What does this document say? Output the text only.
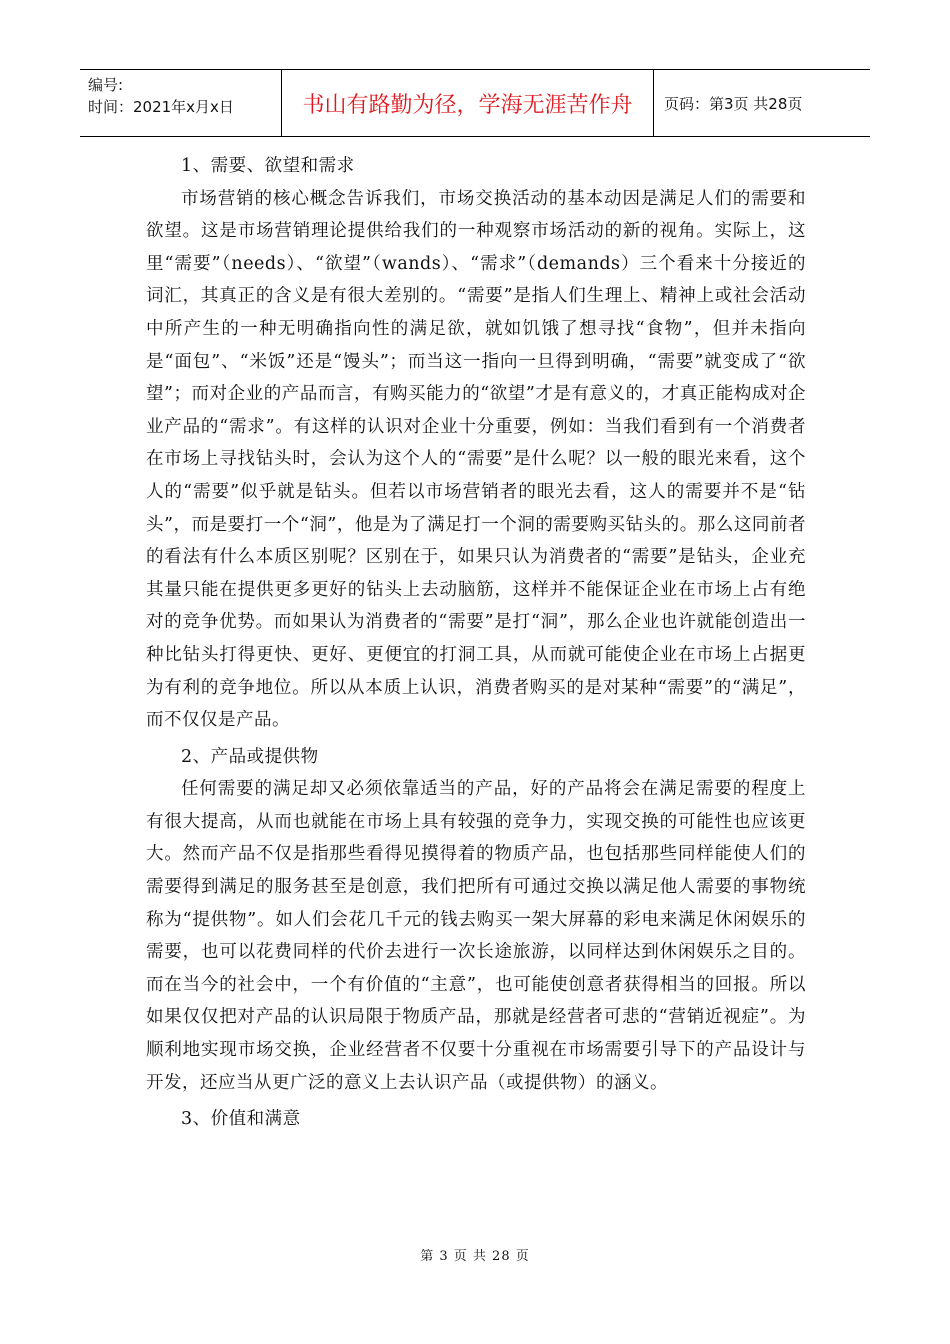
编号:
时间：2021年x月x日	书山有路勤为径，学海无涯苦作舟	页码：第3页 共28页
1、需要、欲望和需求

市场营销的核心概念告诉我们，市场交换活动的基本动因是满足人们的需要和欲望。这是市场营销理论提供给我们的一种观察市场活动的新的视角。实际上，这里“需要”（needs）、“欲望”（wands）、“需求”（demands）三个看来十分接近的词汇，其真正的含义是有很大差别的。“需要”是指人们生理上、精神上或社会活动中所产生的一种无明确指向性的满足欲，就如饥饿了想寻找“食物”，但并未指向是“面包”、“米饭”还是“馒头”；而当这一指向一旦得到明确，“需要”就变成了“欲望”；而对企业的产品而言，有购买能力的“欲望”才是有意义的，才真正能构成对企业产品的“需求”。有这样的认识对企业十分重要，例如：当我们看到有一个消费者在市场上寻找钻头时，会认为这个人的“需要”是什么呢？以一般的眼光来看，这个人的“需要”似乎就是钻头。但若以市场营销者的眼光去看，这人的需要并不是“钻头”，而是要打一个“洞”，他是为了满足打一个洞的需要购买钻头的。那么这同前者的看法有什么本质区别呢？区别在于，如果只认为消费者的“需要”是钻头，企业充其量只能在提供更多更好的钻头上去动脑筋，这样并不能保证企业在市场上占有绝对的竞争优势。而如果认为消费者的“需要”是打“洞”，那么企业也许就能创造出一种比钻头打得更快、更好、更便宜的打洞工具，从而就可能使企业在市场上占据更为有利的竞争地位。所以从本质上认识，消费者购买的是对某种“需要”的“满足”，而不仅仅是产品。

2、产品或提供物

任何需要的满足却又必须依靠适当的产品，好的产品将会在满足需要的程度上有很大提高，从而也就能在市场上具有较强的竞争力，实现交换的可能性也应该更大。然而产品不仅是指那些看得见摸得着的物质产品，也包括那些同样能使人们的需要得到满足的服务甚至是创意，我们把所有可通过交换以满足他人需要的事物统称为“提供物”。如人们会花几千元的钱去购买一架大屏幕的彩电来满足休闲娱乐的需要，也可以花费同样的代价去进行一次长途旅游，以同样达到休闲娱乐之目的。而在当今的社会中，一个有价值的“主意”，也可能使创意者获得相当的回报。所以如果仅仅把对产品的认识局限于物质产品，那就是经营者可悲的“营销近视症”。为顺利地实现市场交换，企业经营者不仅要十分重视在市场需要引导下的产品设计与开发，还应当从更广泛的意义上去认识产品（或提供物）的涵义。

3、价值和满意
第 3 页 共 28 页
